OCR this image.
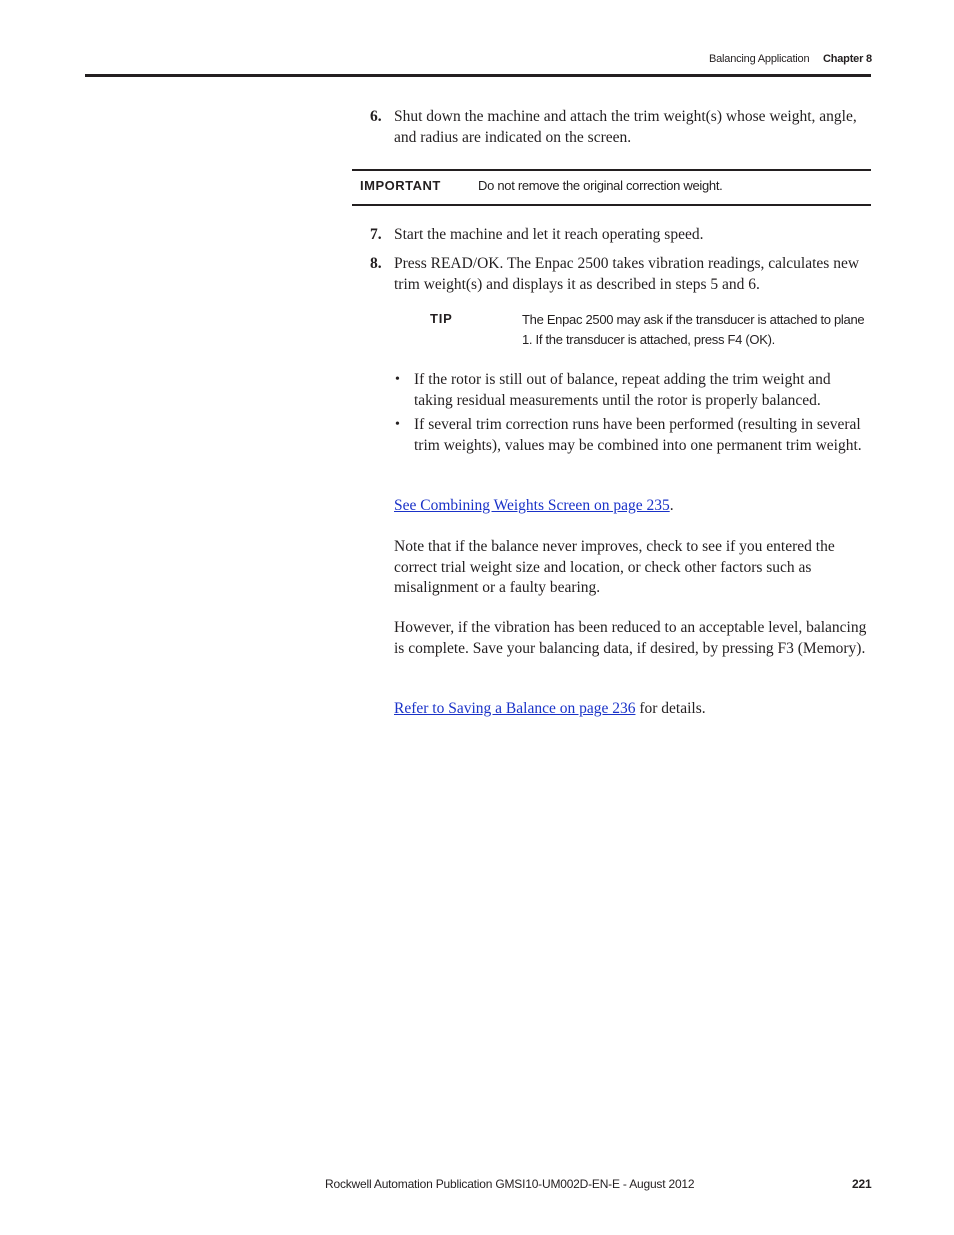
Balancing Application Chapter 8
6. Shut down the machine and attach the trim weight(s) whose weight, angle, and radius are indicated on the screen.
IMPORTANT	Do not remove the original correction weight.
7. Start the machine and let it reach operating speed.
8. Press READ/OK. The Enpac 2500 takes vibration readings, calculates new trim weight(s) and displays it as described in steps 5 and 6.
TIP	The Enpac 2500 may ask if the transducer is attached to plane 1. If the transducer is attached, press F4 (OK).
• If the rotor is still out of balance, repeat adding the trim weight and taking residual measurements until the rotor is properly balanced.
• If several trim correction runs have been performed (resulting in several trim weights), values may be combined into one permanent trim weight.
See Combining Weights Screen on page 235.
Note that if the balance never improves, check to see if you entered the correct trial weight size and location, or check other factors such as misalignment or a faulty bearing.
However, if the vibration has been reduced to an acceptable level, balancing is complete. Save your balancing data, if desired, by pressing F3 (Memory).
Refer to Saving a Balance on page 236 for details.
Rockwell Automation Publication GMSI10-UM002D-EN-E - August 2012	221
